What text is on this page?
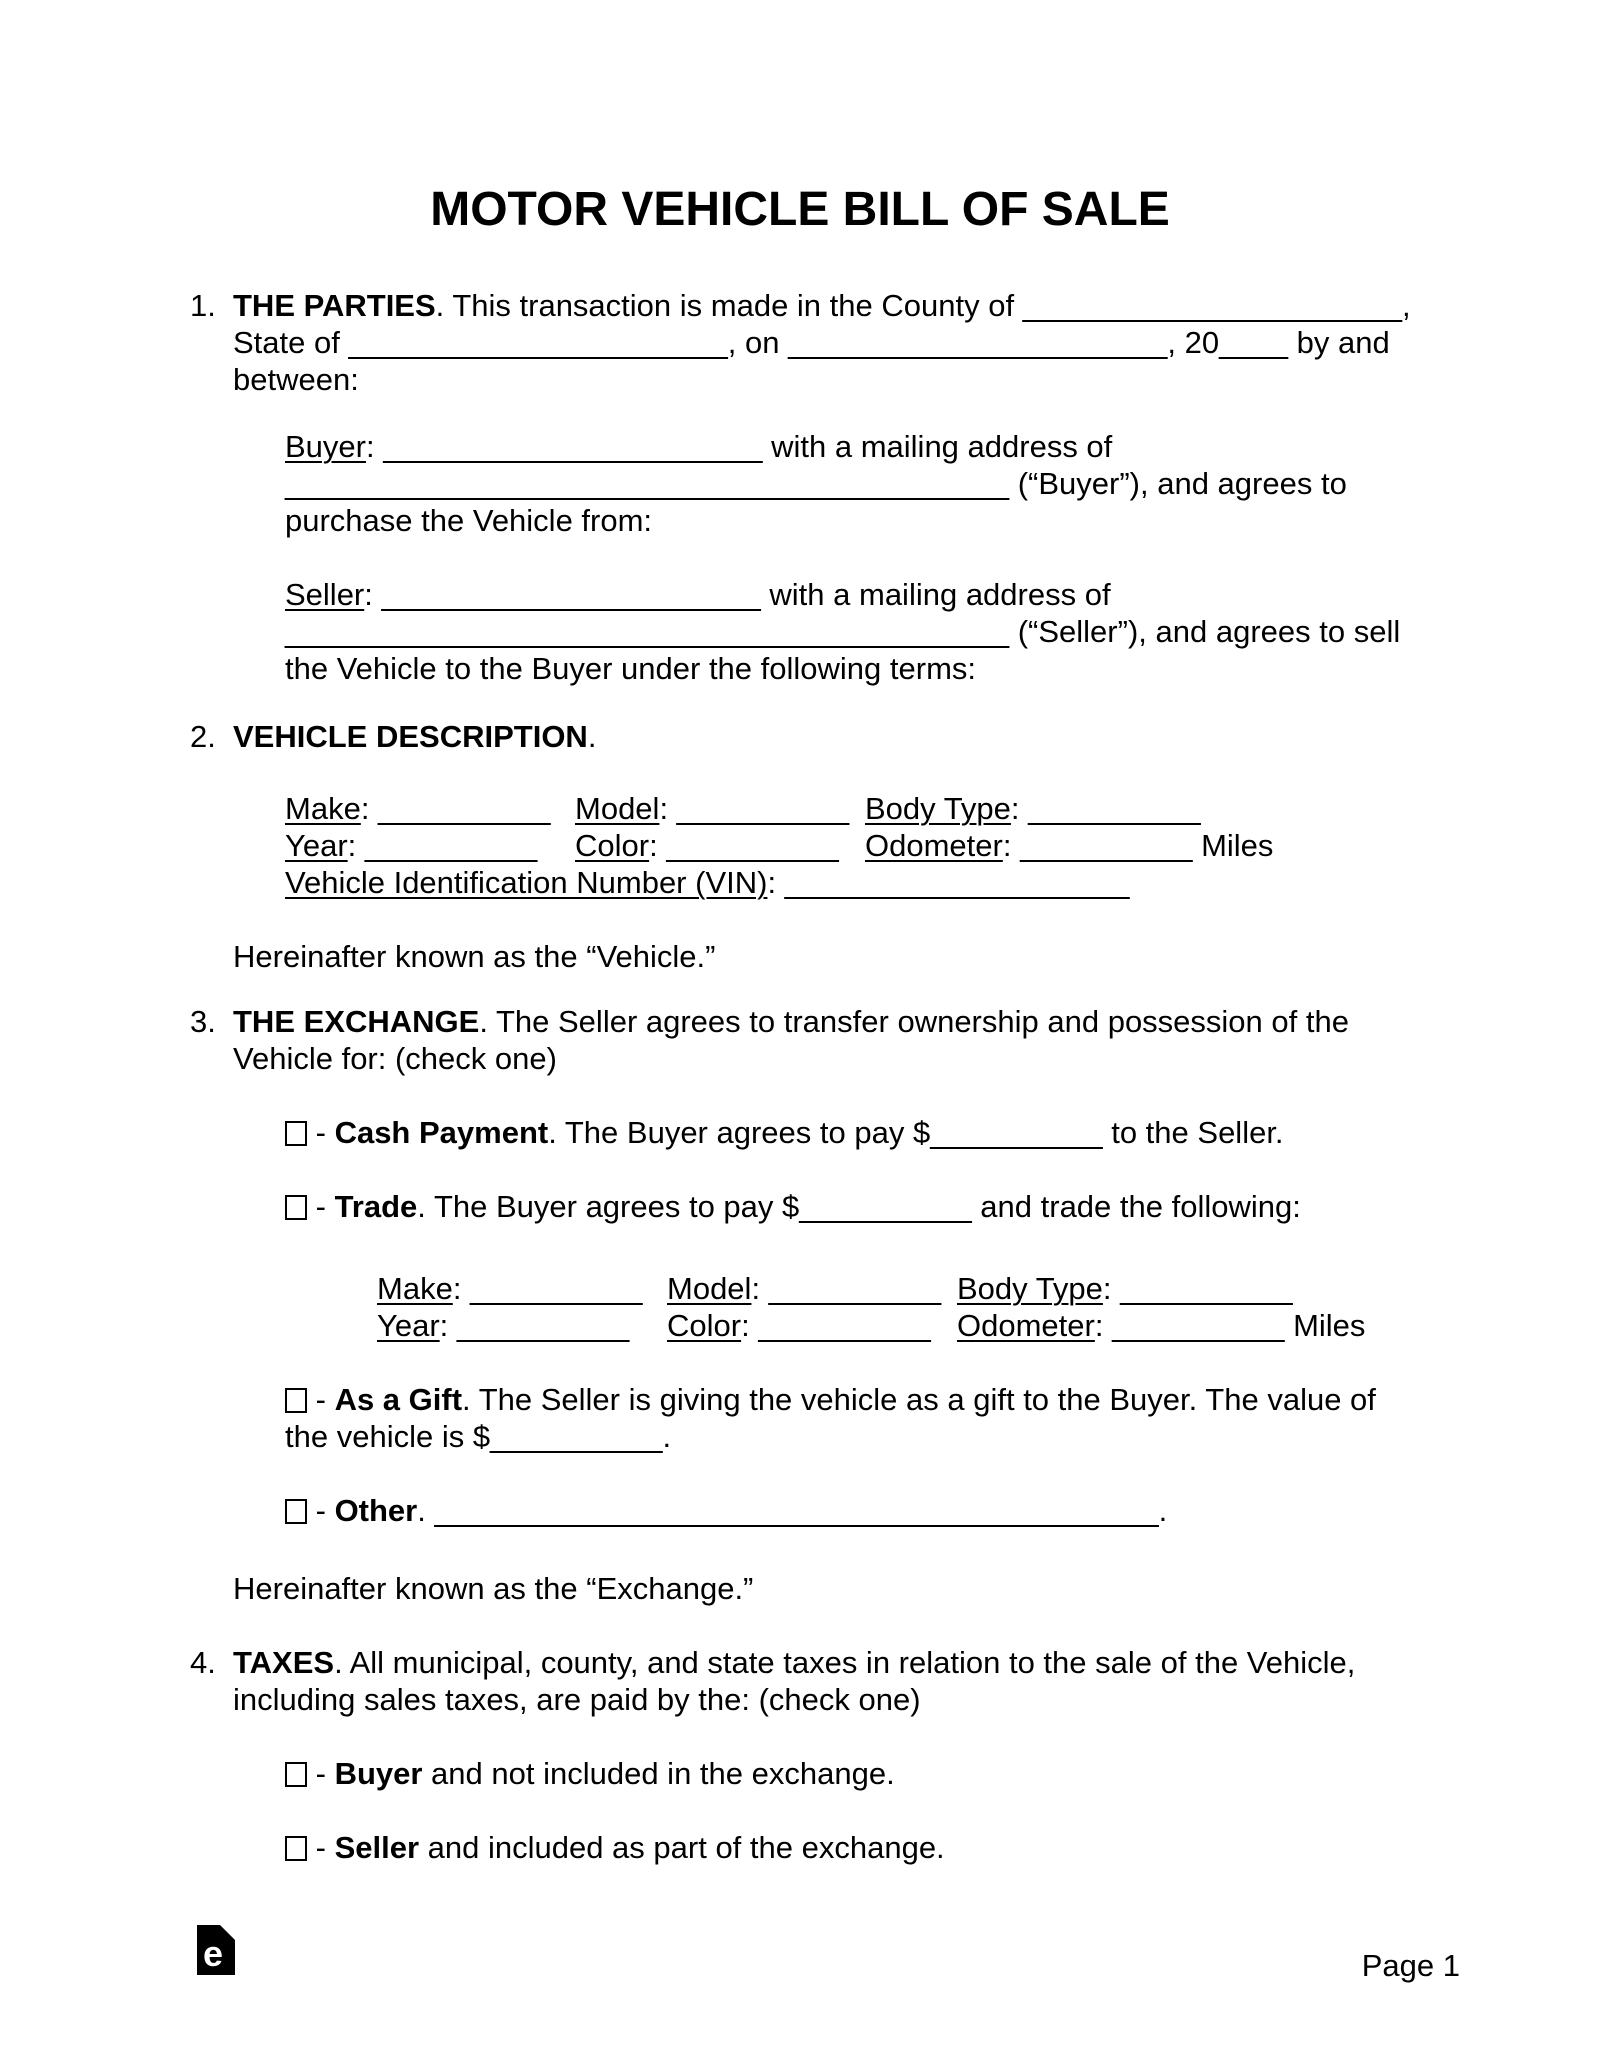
MOTOR VEHICLE BILL OF SALE
1. THE PARTIES. This transaction is made in the County of ______________________,
State of ______________________, on ______________________, 20____ by and
between:
Buyer: ______________________ with a mailing address of
__________________________________________ (“Buyer”), and agrees to
purchase the Vehicle from:
Seller: ______________________ with a mailing address of
__________________________________________ (“Seller”), and agrees to sell
the Vehicle to the Buyer under the following terms:
2. VEHICLE DESCRIPTION.
Make: __________ Model: __________ Body Type: __________
Year: __________	Color: __________ Odometer: __________ Miles
Vehicle Identification Number (VIN): ____________________
Hereinafter known as the “Vehicle.”
3. THE EXCHANGE. The Seller agrees to transfer ownership and possession of the
Vehicle for: (check one)
- Cash Payment. The Buyer agrees to pay $__________ to the Seller.
- Trade. The Buyer agrees to pay $__________ and trade the following:
Make: __________ Model: __________ Body Type: __________
Year: __________	Color: __________ Odometer: __________ Miles
- As a Gift. The Seller is giving the vehicle as a gift to the Buyer. The value of
the vehicle is $__________.
- Other. __________________________________________.
Hereinafter known as the “Exchange.”
4. TAXES. All municipal, county, and state taxes in relation to the sale of the Vehicle,
including sales taxes, are paid by the: (check one)
- Buyer and not included in the exchange.
- Seller and included as part of the exchange.
e	Page 1
